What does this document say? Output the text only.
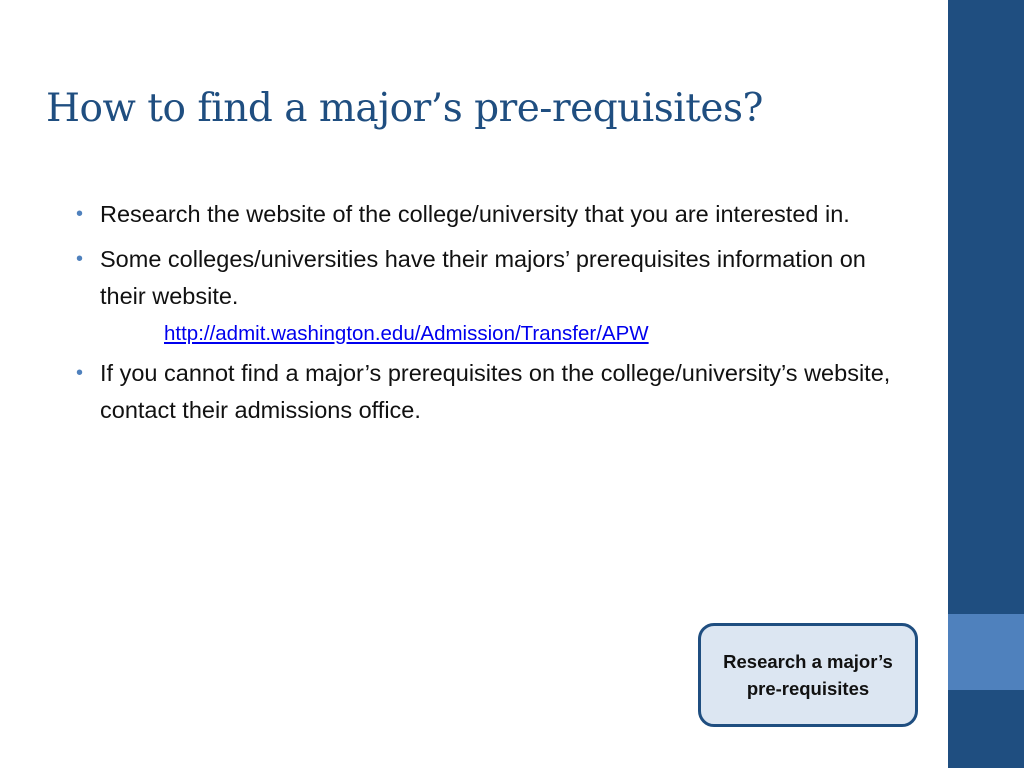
How to find a major’s pre-requisites?
• Research the website of the college/university that you are interested in.
• Some colleges/universities have their majors’ prerequisites information on their website.
http://admit.washington.edu/Admission/Transfer/APW
• If you cannot find a major’s prerequisites on the college/university’s website, contact their admissions office.
Research a major’s
pre-requisites
